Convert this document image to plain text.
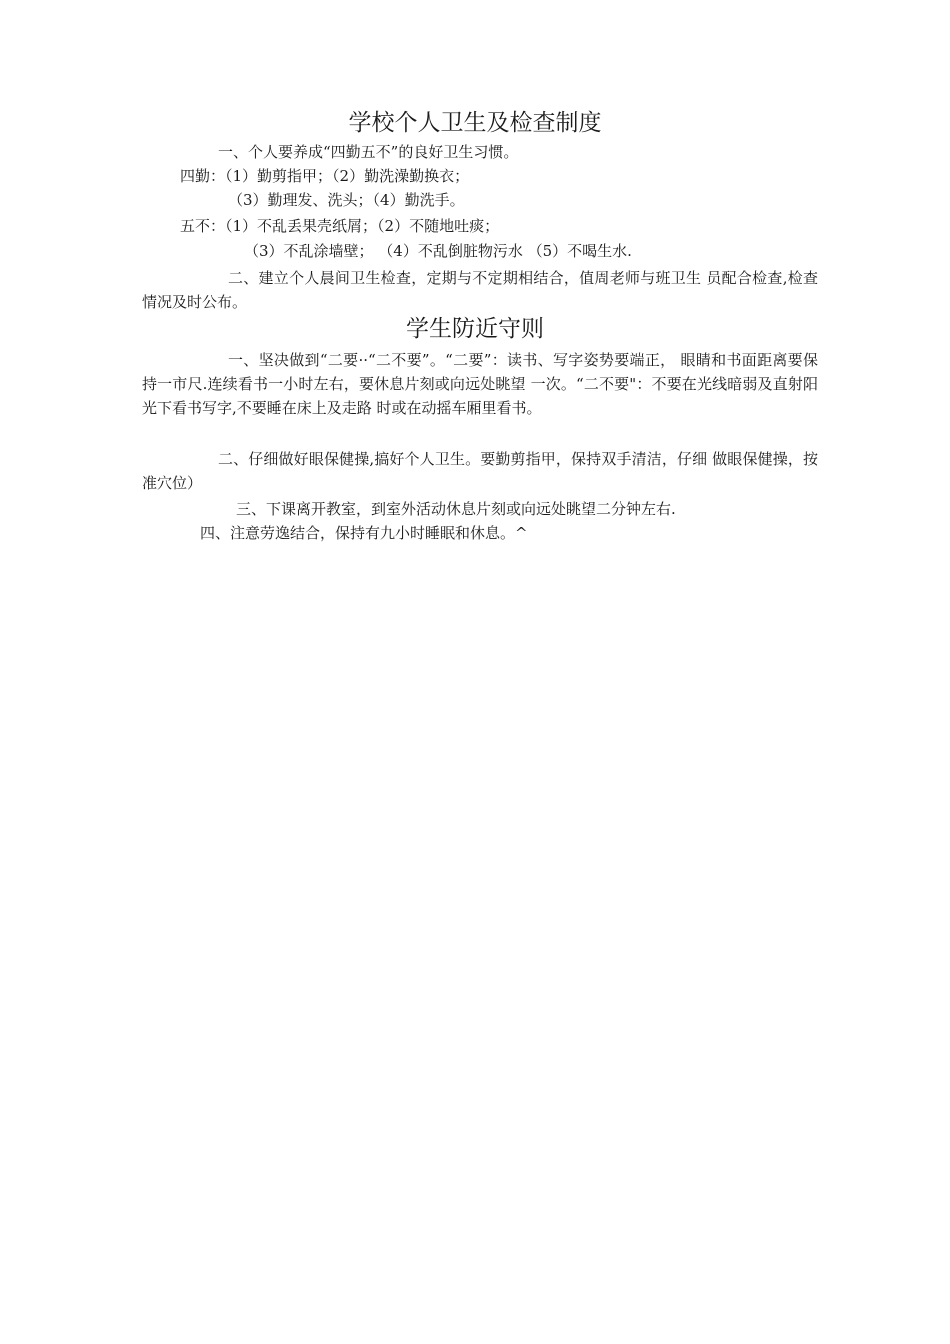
学校个人卫生及检查制度
一、个人要养成“四勤五不”的良好卫生习惯。
四勤：（1）勤剪指甲；（2）勤洗澡勤换衣；
（3）勤理发、洗头；（4）勤洗手。
五不：（1）不乱丢果壳纸屑；（2）不随地吐痰；
（3）不乱涂墙壁； （4）不乱倒脏物污水 （5）不喝生水.
二、建立个人晨间卫生检查，定期与不定期相结合，值周老师与班卫生 员配合检查,检查情况及时公布。
学生防近守则
一、坚决做到“二要··“二不要”。“二要”：读书、写字姿势要端正， 眼睛和书面距离要保持一市尺.连续看书一小时左右，要休息片刻或向远处眺望 一次。“二不要"：不要在光线暗弱及直射阳光下看书写字,不要睡在床上及走路 时或在动摇车厢里看书。
二、仔细做好眼保健操,搞好个人卫生。要勤剪指甲，保持双手清洁，仔细 做眼保健操，按准穴位）
三、下课离开教室，到室外活动休息片刻或向远处眺望二分钟左右.
四、注意劳逸结合，保持有九小时睡眠和休息。^
